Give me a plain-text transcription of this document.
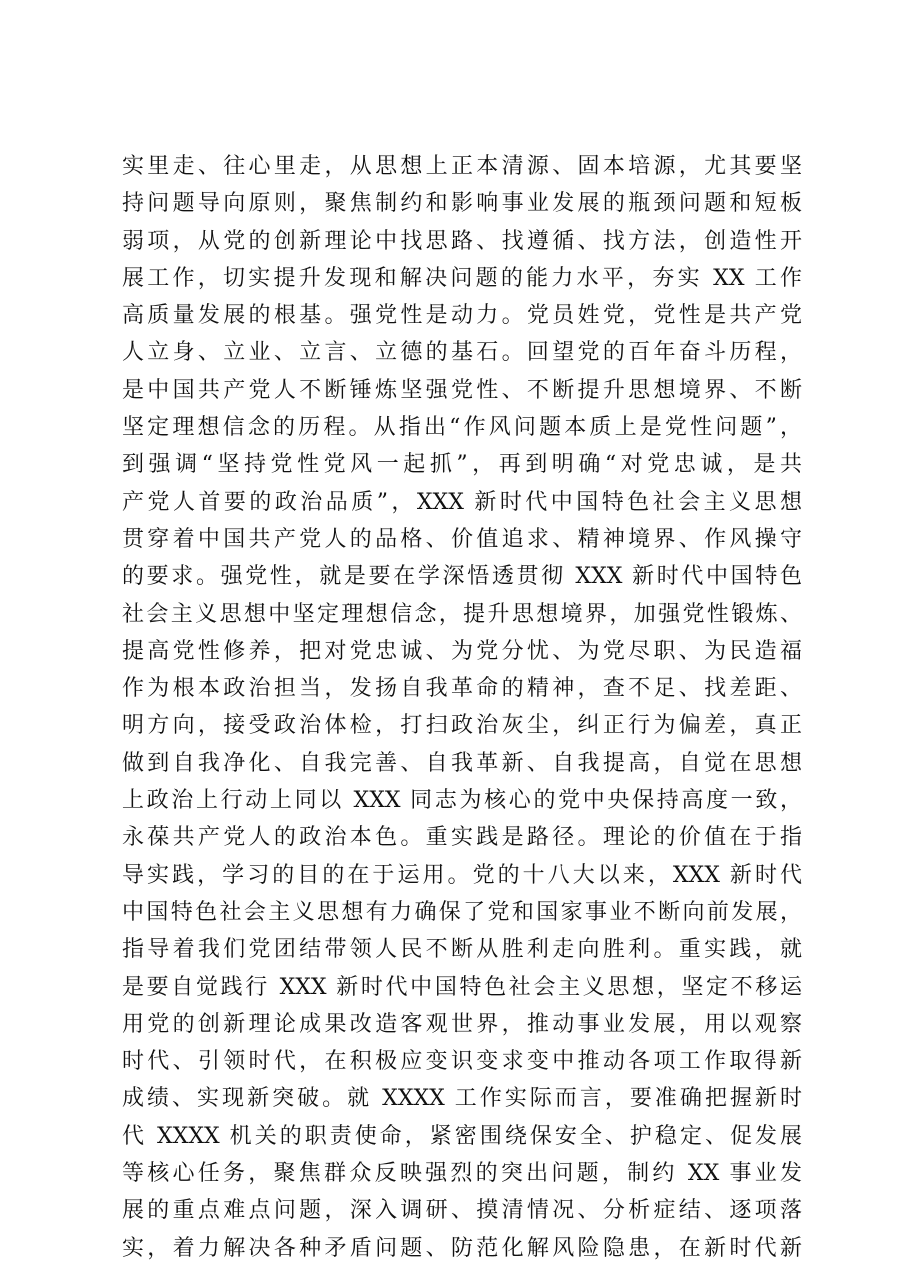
实里走、往心里走，从思想上正本清源、固本培源，尤其要坚
持问题导向原则，聚焦制约和影响事业发展的瓶颈问题和短板
弱项，从党的创新理论中找思路、找遵循、找方法，创造性开
展工作，切实提升发现和解决问题的能力水平，夯实 XX 工作
高质量发展的根基。强党性是动力。党员姓党，党性是共产党
人立身、立业、立言、立德的基石。回望党的百年奋斗历程，
是中国共产党人不断锤炼坚强党性、不断提升思想境界、不断
坚定理想信念的历程。从指出“作风问题本质上是党性问题”，
到强调“坚持党性党风一起抓”，再到明确“对党忠诚，是共
产党人首要的政治品质”，XXX 新时代中国特色社会主义思想
贯穿着中国共产党人的品格、价值追求、精神境界、作风操守
的要求。强党性，就是要在学深悟透贯彻 XXX 新时代中国特色
社会主义思想中坚定理想信念，提升思想境界，加强党性锻炼、
提高党性修养，把对党忠诚、为党分忧、为党尽职、为民造福
作为根本政治担当，发扬自我革命的精神，查不足、找差距、
明方向，接受政治体检，打扫政治灰尘，纠正行为偏差，真正
做到自我净化、自我完善、自我革新、自我提高，自觉在思想
上政治上行动上同以 XXX 同志为核心的党中央保持高度一致，
永葆共产党人的政治本色。重实践是路径。理论的价值在于指
导实践，学习的目的在于运用。党的十八大以来，XXX 新时代
中国特色社会主义思想有力确保了党和国家事业不断向前发展，
指导着我们党团结带领人民不断从胜利走向胜利。重实践，就
是要自觉践行 XXX 新时代中国特色社会主义思想，坚定不移运
用党的创新理论成果改造客观世界，推动事业发展，用以观察
时代、引领时代，在积极应变识变求变中推动各项工作取得新
成绩、实现新突破。就 XXXX 工作实际而言，要准确把握新时
代 XXXX 机关的职责使命，紧密围绕保安全、护稳定、促发展
等核心任务，聚焦群众反映强烈的突出问题，制约 XX 事业发
展的重点难点问题，深入调研、摸清情况、分析症结、逐项落
实，着力解决各种矛盾问题、防范化解风险隐患，在新时代新
